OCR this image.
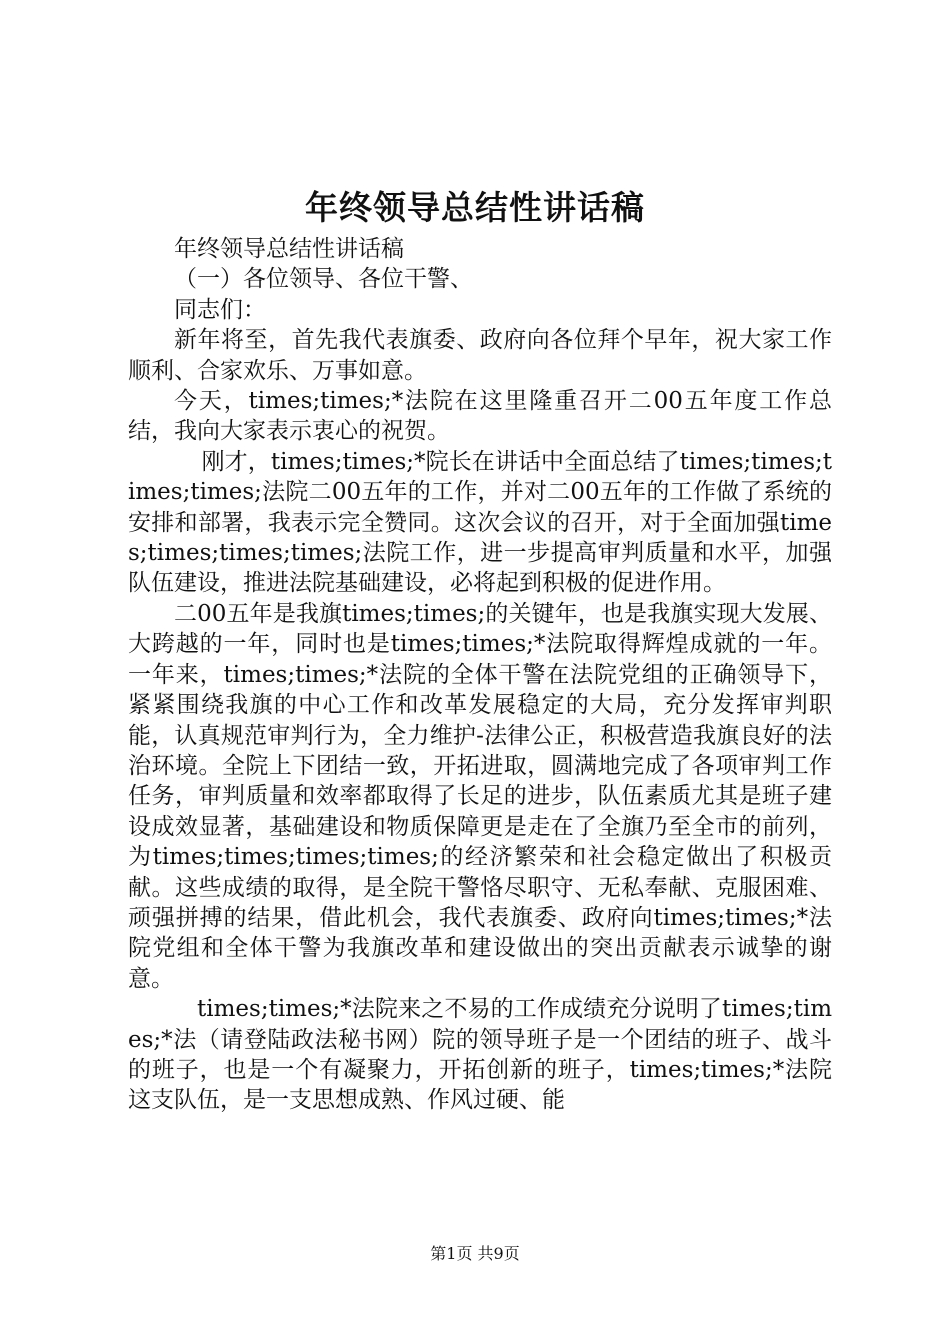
年终领导总结性讲话稿

年终领导总结性讲话稿

（一）各位领导、各位干警、

同志们：

新年将至，首先我代表旗委、政府向各位拜个早年，祝大家工作顺利、合家欢乐、万事如意。

今天，times;times;*法院在这里隆重召开二00五年度工作总结，我向大家表示衷心的祝贺。

刚才，times;times;*院长在讲话中全面总结了times;times;times;times;法院二00五年的工作，并对二00五年的工作做了系统的安排和部署，我表示完全赞同。这次会议的召开，对于全面加强times;times;times;times;法院工作，进一步提高审判质量和水平，加强队伍建设，推进法院基础建设，必将起到积极的促进作用。

二00五年是我旗times;times;的关键年，也是我旗实现大发展、大跨越的一年，同时也是times;times;*法院取得辉煌成就的一年。一年来，times;times;*法院的全体干警在法院党组的正确领导下，紧紧围绕我旗的中心工作和改革发展稳定的大局，充分发挥审判职能，认真规范审判行为，全力维护-法律公正，积极营造我旗良好的法治环境。全院上下团结一致，开拓进取，圆满地完成了各项审判工作任务，审判质量和效率都取得了长足的进步，队伍素质尤其是班子建设成效显著，基础建设和物质保障更是走在了全旗乃至全市的前列，为times;times;times;times;的经济繁荣和社会稳定做出了积极贡献。这些成绩的取得，是全院干警恪尽职守、无私奉献、克服困难、顽强拼搏的结果，借此机会，我代表旗委、政府向times;times;*法院党组和全体干警为我旗改革和建设做出的突出贡献表示诚挚的谢意。

times;times;*法院来之不易的工作成绩充分说明了times;times;*法（请登陆政法秘书网）院的领导班子是一个团结的班子、战斗的班子，也是一个有凝聚力，开拓创新的班子，times;times;*法院这支队伍，是一支思想成熟、作风过硬、能

第1页 共9页
